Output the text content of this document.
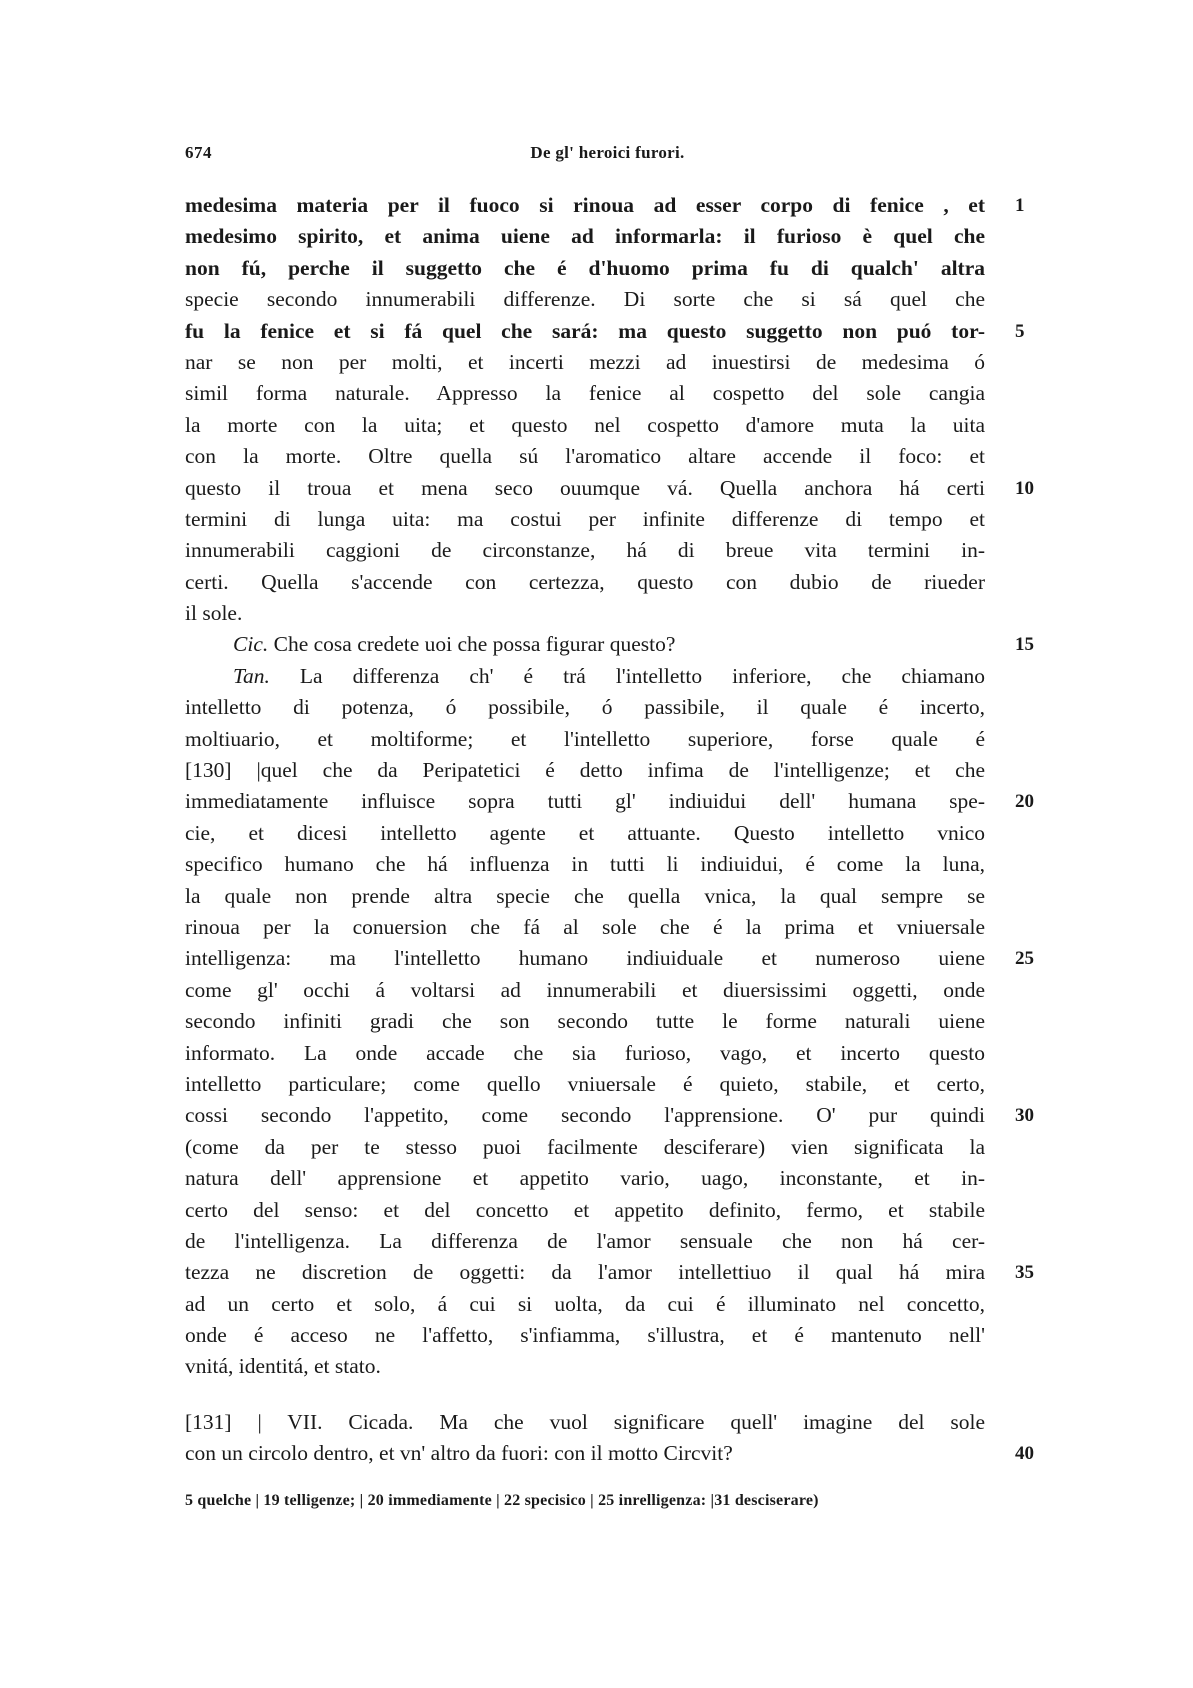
674	De gl' heroici furori.
medesima materia per il fuoco si rinoua ad esser corpo di fenice , et 1
medesimo spirito, et anima uiene ad informarla: il furioso è quel che
non fú, perche il suggetto che é d'huomo prima fu di qualch' altra
specie secondo innumerabili differenze. Di sorte che si sá quel che
fu la fenice et si fá quel che sará: ma questo suggetto non puó tor- 5
nar se non per molti, et incerti mezzi ad inuestirsi de medesima ó
simil forma naturale. Appresso la fenice al cospetto del sole cangia
la morte con la uita; et questo nel cospetto d'amore muta la uita
con la morte. Oltre quella sú l'aromatico altare accende il foco: et
questo il troua et mena seco ouumque vá. Quella anchora há certi 10
termini di lunga uita: ma costui per infinite differenze di tempo et
innumerabili caggioni de circonstanze, há di breue vita termini in-
certi. Quella s'accende con certezza, questo con dubio de riueder
il sole.
Cic. Che cosa credete uoi che possa figurar questo?	15
Tan. La differenza ch' é trá l'intelletto inferiore, che chiamano
intelletto di potenza, ó possibile, ó passibile, il quale é incerto,
moltiuario, et moltiforme; et l'intelletto superiore, forse quale é
[130] |quel che da Peripatetici é detto infima de l'intelligenze; et che
immediatamente influisce sopra tutti gl' indiuidui dell' humana spe- 20
cie, et dicesi intelletto agente et attuante. Questo intelletto vnico
specifico humano che há influenza in tutti li indiuidui, é come la luna,
la quale non prende altra specie che quella vnica, la qual sempre se
rinoua per la conuersion che fá al sole che é la prima et vniuersale
intelligenza: ma l'intelletto humano indiuiduale et numeroso uiene 25
come gl' occhi á voltarsi ad innumerabili et diuersissimi oggetti, onde
secondo infiniti gradi che son secondo tutte le forme naturali uiene
informato. La onde accade che sia furioso, vago, et incerto questo
intelletto particulare; come quello vniuersale é quieto, stabile, et certo,
cossi secondo l'appetito, come secondo l'apprensione. O' pur quindi 30
(come da per te stesso puoi facilmente desciferare) vien significata la
natura dell' apprensione et appetito vario, uago, inconstante, et in-
certo del senso: et del concetto et appetito definito, fermo, et stabile
de l'intelligenza. La differenza de l'amor sensuale che non há cer-
tezza ne discretion de oggetti: da l'amor intellettiuo il qual há mira 35
ad un certo et solo, á cui si uolta, da cui é illuminato nel concetto,
onde é acceso ne l'affetto, s'infiamma, s'illustra, et é mantenuto nell'
vnitá, identitá, et stato.
[131] | VII. Cicada. Ma che vuol significare quell' imagine del sole
con un circolo dentro, et vn' altro da fuori: con il motto Circvit?	40
5 quelche | 19 telligenze; | 20 immediamente | 22 specisico | 25 inrelligenza: |31 desciserare)
